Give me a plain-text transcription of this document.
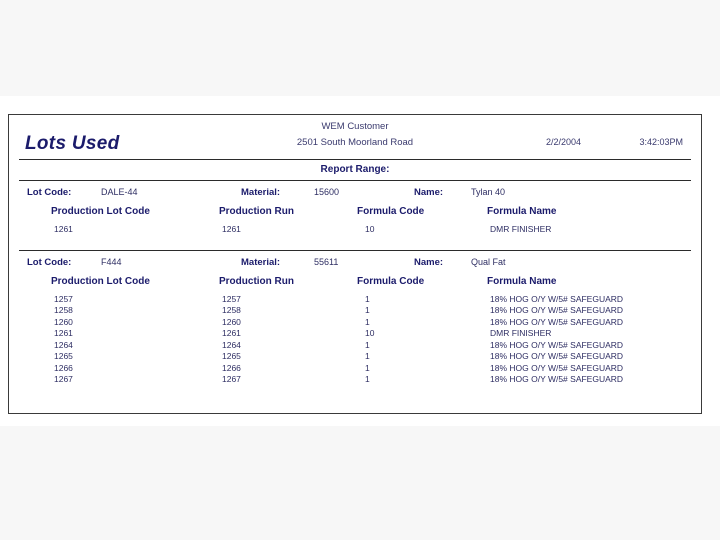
Lots Used
WEM Customer
2501 South Moorland Road	2/2/2004	3:42:03PM
Report Range:
Lot Code:	DALE-44	Material:	15600	Name:	Tylan 40
Production Lot Code	Production Run	Formula Code	Formula Name
1261	1261	10	DMR FINISHER
Lot Code:	F444	Material:	55611	Name:	Qual Fat
Production Lot Code	Production Run	Formula Code	Formula Name
1257	1257	1	18% HOG O/Y W/5# SAFEGUARD
1258	1258	1	18% HOG O/Y W/5# SAFEGUARD
1260	1260	1	18% HOG O/Y W/5# SAFEGUARD
1261	1261	10	DMR FINISHER
1264	1264	1	18% HOG O/Y W/5# SAFEGUARD
1265	1265	1	18% HOG O/Y W/5# SAFEGUARD
1266	1266	1	18% HOG O/Y W/5# SAFEGUARD
1267	1267	1	18% HOG O/Y W/5# SAFEGUARD
